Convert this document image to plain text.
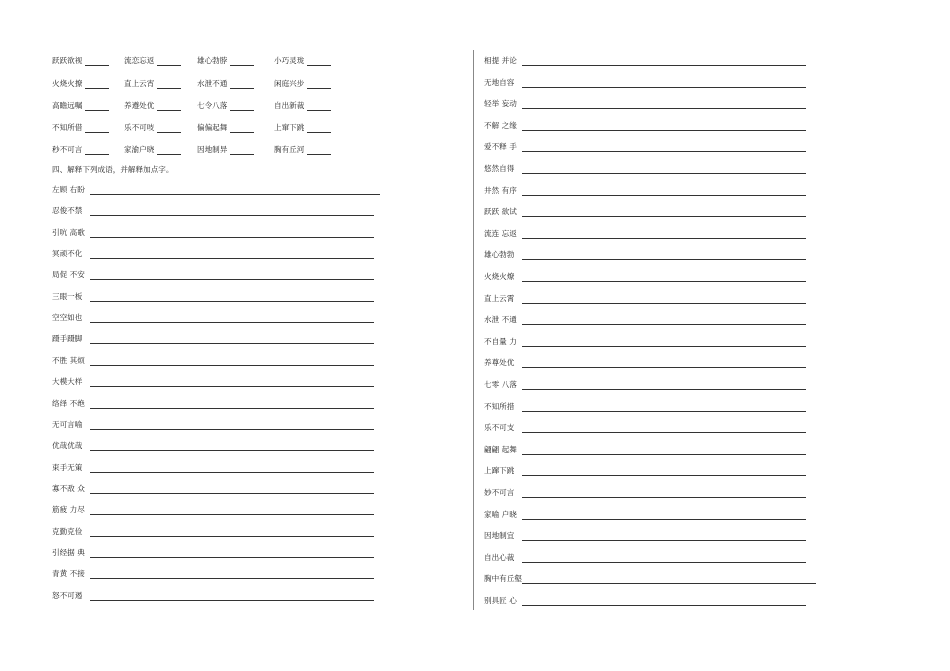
跃跃欲视	流恋忘返	雄心勃脖	小巧灵珑
火烧火撩	直上云宵	水泄不通	闲庭兴步
高瞻远嘱	养遵处优	七令八落	自出新裁
不知所借	乐不可吱	偏偏起舞	上窜下跳
秒不可言	家渝户晓	因地制异	胸有丘河
四、解释下列成语，并解释加点字。
左顾 右盼
忍俊不禁
引吭 高歌
冥顽不化
局促 不安
三眼一板
空空如也
蹑手蹑脚
不胜 其烦
大模大样
络绎 不绝
无可言喻
优哉优哉
束手无策
寡不敌 众
筋疲 力尽
克勤克俭
引经据 典
青黄 不接
怒不可遏
相提 并论
无地自容
轻举 妄动
不解 之缘
爱不释 手
悠然自得
井然 有序
跃跃 欲试
流连 忘返
雄心勃勃
火烧火燎
直上云霄
水泄 不通
不自量 力
养尊处优
七零 八落
不知所措
乐不可支
翩翩 起舞
上蹿下跳
妙不可言
家喻 户晓
因地制宜
自出心裁
胸中有丘壑
别具匠 心
